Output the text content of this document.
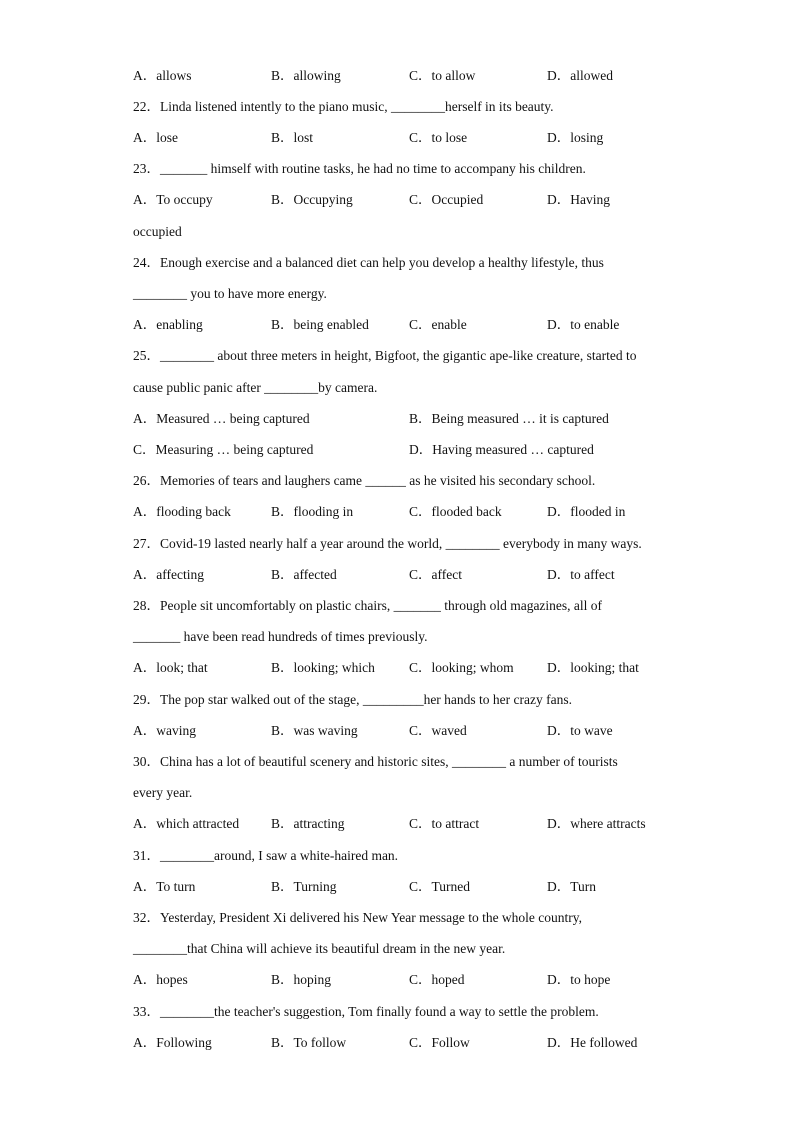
A．allows	B．allowing	C．to allow	D．allowed
22．Linda listened intently to the piano music, ________herself in its beauty.
A．lose	B．lost	C．to lose	D．losing
23．_______ himself with routine tasks, he had no time to accompany his children.
A．To occupy	B．Occupying	C．Occupied	D．Having
occupied
24．Enough exercise and a balanced diet can help you develop a healthy lifestyle, thus
________ you to have more energy.
A．enabling	B．being enabled	C．enable	D．to enable
25．________ about three meters in height, Bigfoot, the gigantic ape-like creature, started to
cause public panic after ________by camera.
A．Measured … being captured	B．Being measured … it is captured
C．Measuring … being captured	D．Having measured … captured
26．Memories of tears and laughers came ______ as he visited his secondary school.
A．flooding back	B．flooding in	C．flooded back	D．flooded in
27．Covid-19 lasted nearly half a year around the world, ________ everybody in many ways.
A．affecting	B．affected	C．affect	D．to affect
28．People sit uncomfortably on plastic chairs, _______ through old magazines, all of
_______ have been read hundreds of times previously.
A．look; that	B．looking; which	C．looking; whom D．looking; that
29．The pop star walked out of the stage, _________her hands to her crazy fans.
A．waving	B．was waving	C．waved	D．to wave
30．China has a lot of beautiful scenery and historic sites, ________ a number of tourists
every year.
A．which attracted B．attracting	C．to attract	D．where attracts
31．________around, I saw a white-haired man.
A．To turn	B．Turning	C．Turned	D．Turn
32．Yesterday, President Xi delivered his New Year message to the whole country,
________that China will achieve its beautiful dream in the new year.
A．hopes	B．hoping	C．hoped	D．to hope
33．________the teacher's suggestion, Tom finally found a way to settle the problem.
A．Following	B．To follow	C．Follow	D．He followed
